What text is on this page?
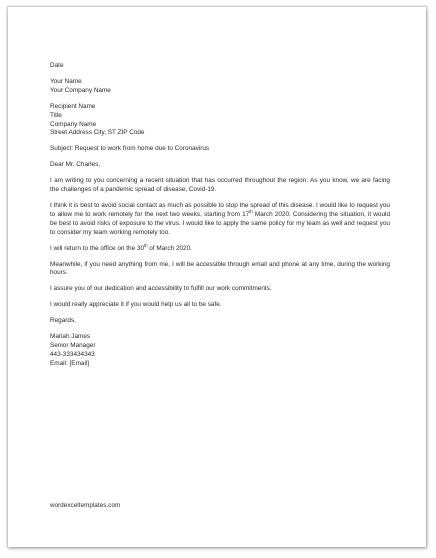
Date
Your Name
Your Company Name
Recipient Name
Title
Company Name
Street Address City, ST ZIP Code
Subject: Request to work from home due to Coronavirus
Dear Mr. Charles,

I am writing to you concerning a recent situation that has occurred throughout the region. As you know, we are facing the challenges of a pandemic spread of disease, Covid-19.

I think it is best to avoid social contact as much as possible to stop the spread of this disease. I would like to request you to allow me to work remotely for the next two weeks, starting from 17th March 2020. Considering the situation, it would be best to avoid risks of exposure to the virus. I would like to apply the same policy for my team as well and request you to consider my team working remotely too.

I will return to the office on the 30th of March 2020.

Meanwhile, if you need anything from me, I will be accessible through email and phone at any time, during the working hours.

I assure you of our dedication and accessibility to fulfill our work commitments.

I would really appreciate it if you would help us all to be safe.

Regards,
Mariah James
Senior Manager
443-333434343
Email: [Email]
wordexceltemplates.com
